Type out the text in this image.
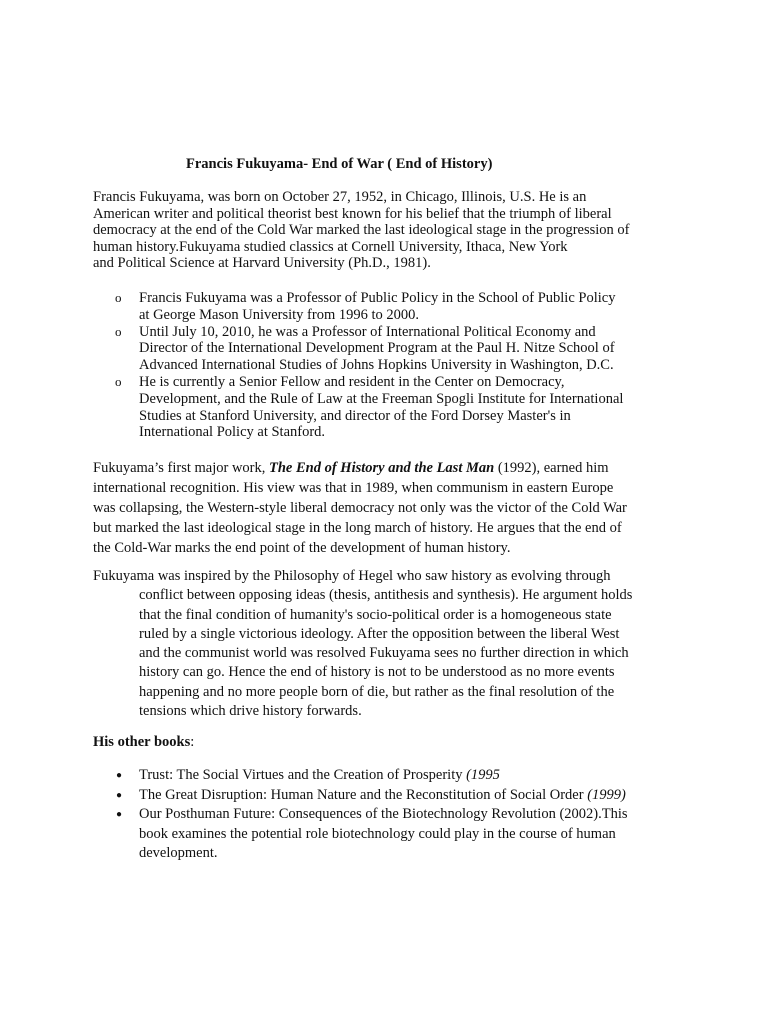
Francis Fukuyama- End of War ( End of History)
Francis Fukuyama, was born on October 27, 1952, in Chicago, Illinois, U.S. He is an
American writer and political theorist best known for his belief that the triumph of liberal
democracy at the end of the Cold War marked the last ideological stage in the progression of
human history.Fukuyama studied classics at Cornell University, Ithaca, New York
and Political Science at Harvard University (Ph.D., 1981).
o Francis Fukuyama was a Professor of Public Policy in the School of Public Policy
at George Mason University from 1996 to 2000.
o Until July 10, 2010, he was a Professor of International Political Economy and
Director of the International Development Program at the Paul H. Nitze School of
Advanced International Studies of Johns Hopkins University in Washington, D.C.
o He is currently a Senior Fellow and resident in the Center on Democracy,
Development, and the Rule of Law at the Freeman Spogli Institute for International
Studies at Stanford University, and director of the Ford Dorsey Master's in
International Policy at Stanford.
Fukuyama’s first major work, The End of History and the Last Man (1992), earned him
international recognition. His view was that in 1989, when communism in eastern Europe
was collapsing, the Western-style liberal democracy not only was the victor of the Cold War
but marked the last ideological stage in the long march of history. He argues that the end of
the Cold-War marks the end point of the development of human history.
Fukuyama was inspired by the Philosophy of Hegel who saw history as evolving through
conflict between opposing ideas (thesis, antithesis and synthesis). He argument holds
that the final condition of humanity's socio-political order is a homogeneous state
ruled by a single victorious ideology. After the opposition between the liberal West
and the communist world was resolved Fukuyama sees no further direction in which
history can go. Hence the end of history is not to be understood as no more events
happening and no more people born of die, but rather as the final resolution of the
tensions which drive history forwards.
His other books:
● Trust: The Social Virtues and the Creation of Prosperity (1995
● The Great Disruption: Human Nature and the Reconstitution of Social Order (1999)
● Our Posthuman Future: Consequences of the Biotechnology Revolution (2002).This
book examines the potential role biotechnology could play in the course of human
development.
